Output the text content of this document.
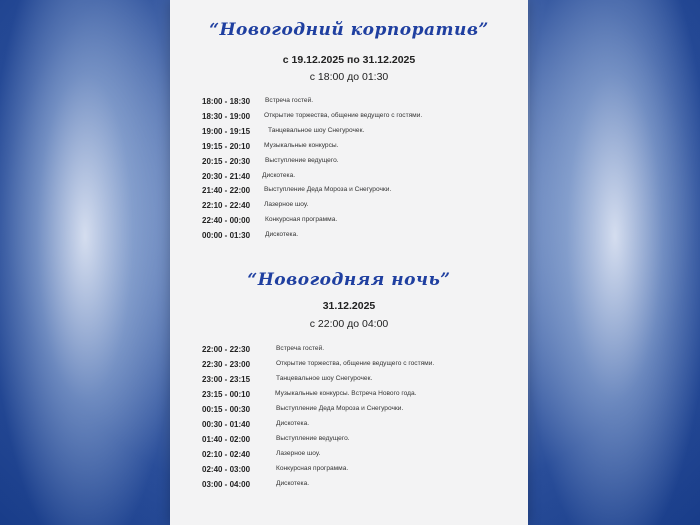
“Новогодний корпоратив”
с 19.12.2025 по 31.12.2025
с 18:00 до 01:30
18:00 - 18:30 Встреча гостей.
18:30 - 19:00 Открытие торжества, общение ведущего с гостями.
19:00 - 19:15	Танцевальное шоу Снегурочек.
19:15 - 20:10 Музыкальные конкурсы.
20:15 - 20:30 Выступление ведущего.
20:30 - 21:40 Дискотека.
21:40 - 22:00 Выступление Деда Мороза и Снегурочки.
22:10 - 22:40 Лазерное шоу.
22:40 - 00:00 Конкурсная программа.
00:00 - 01:30 Дискотека.
“Новогодняя ночь”
31.12.2025
с 22:00 до 04:00
22:00 - 22:30	Встреча гостей.
22:30 - 23:00	Открытие торжества, общение ведущего с гостями.
23:00 - 23:15	Танцевальное шоу Снегурочек.
23:15 - 00:10	Музыкальные конкурсы. Встреча Нового года.
00:15 - 00:30	Выступление Деда Мороза и Снегурочки.
00:30 - 01:40	Дискотека.
01:40 - 02:00	Выступление ведущего.
02:10 - 02:40	Лазерное шоу.
02:40 - 03:00	Конкурсная программа.
03:00 - 04:00	Дискотека.
